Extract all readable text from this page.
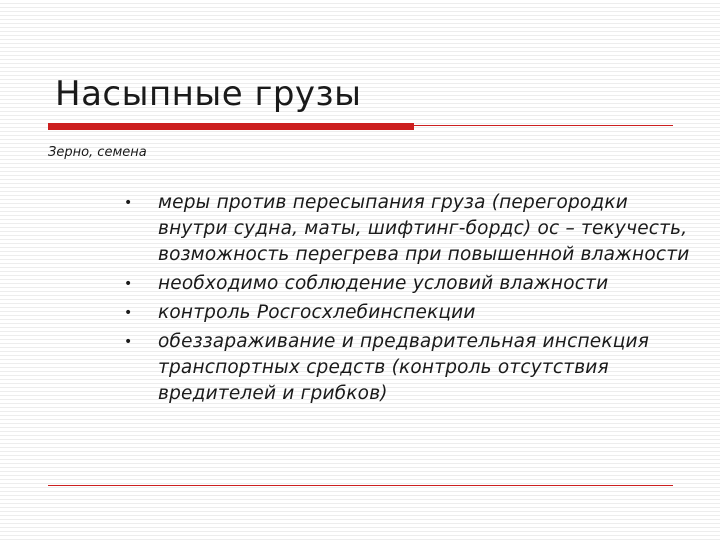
Насыпные грузы
Зерно, семена
• меры против пересыпания груза (перегородки внутри судна, маты, шифтинг-бордс) ос – текучесть, возможность перегрева при повышенной влажности
• необходимо соблюдение условий влажности
• контроль Росгосхлебинспекции
• обеззараживание и предварительная инспекция транспортных средств (контроль отсутствия вредителей и грибков)
